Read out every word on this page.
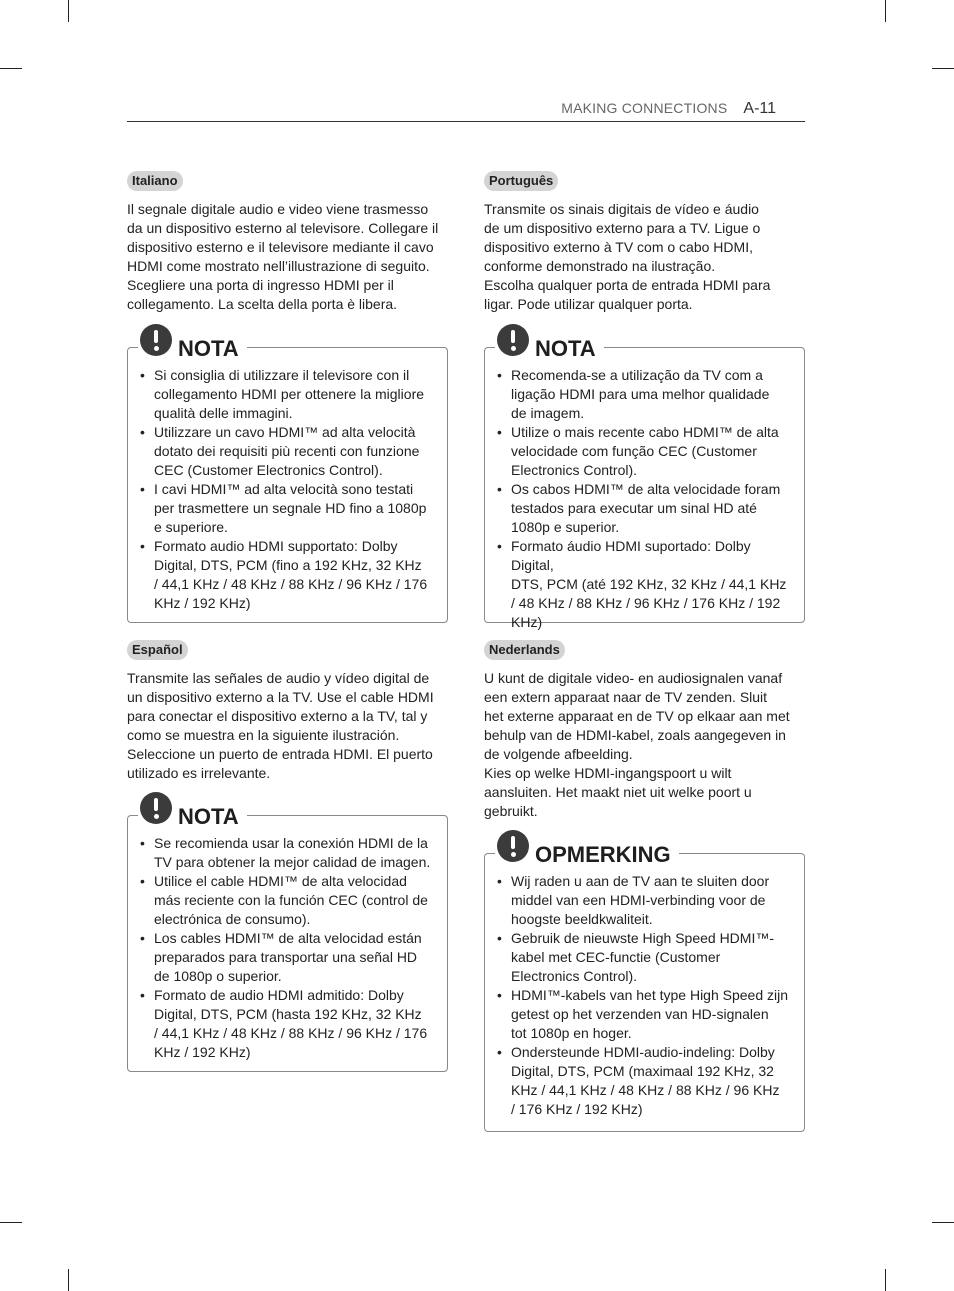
MAKING CONNECTIONS A-11
Italiano

Il segnale digitale audio e video viene trasmesso
da un dispositivo esterno al televisore. Collegare il
dispositivo esterno e il televisore mediante il cavo
HDMI come mostrato nell’illustrazione di seguito.
Scegliere una porta di ingresso HDMI per il
collegamento. La scelta della porta è libera.

NOTA
• Si consiglia di utilizzare il televisore con il
collegamento HDMI per ottenere la migliore
qualità delle immagini.
• Utilizzare un cavo HDMI™ ad alta velocità
dotato dei requisiti più recenti con funzione
CEC (Customer Electronics Control).
• I cavi HDMI™ ad alta velocità sono testati
per trasmettere un segnale HD fino a 1080p
e superiore.
• Formato audio HDMI supportato: Dolby
Digital, DTS, PCM (fino a 192 KHz, 32 KHz
/ 44,1 KHz / 48 KHz / 88 KHz / 96 KHz / 176
KHz / 192 KHz)
Español

Transmite las señales de audio y vídeo digital de
un dispositivo externo a la TV. Use el cable HDMI
para conectar el dispositivo externo a la TV, tal y
como se muestra en la siguiente ilustración.
Seleccione un puerto de entrada HDMI. El puerto
utilizado es irrelevante.

NOTA
• Se recomienda usar la conexión HDMI de la
TV para obtener la mejor calidad de imagen.
• Utilice el cable HDMI™ de alta velocidad
más reciente con la función CEC (control de
electrónica de consumo).
• Los cables HDMI™ de alta velocidad están
preparados para transportar una señal HD
de 1080p o superior.
• Formato de audio HDMI admitido: Dolby
Digital, DTS, PCM (hasta 192 KHz, 32 KHz
/ 44,1 KHz / 48 KHz / 88 KHz / 96 KHz / 176
KHz / 192 KHz)
Português

Transmite os sinais digitais de vídeo e áudio
de um dispositivo externo para a TV. Ligue o
dispositivo externo à TV com o cabo HDMI,
conforme demonstrado na ilustração.
Escolha qualquer porta de entrada HDMI para
ligar. Pode utilizar qualquer porta.

NOTA
• Recomenda-se a utilização da TV com a
ligação HDMI para uma melhor qualidade
de imagem.
• Utilize o mais recente cabo HDMI™ de alta
velocidade com função CEC (Customer
Electronics Control).
• Os cabos HDMI™ de alta velocidade foram
testados para executar um sinal HD até
1080p e superior.
• Formato áudio HDMI suportado: Dolby Digital,
DTS, PCM (até 192 KHz, 32 KHz / 44,1 KHz
/ 48 KHz / 88 KHz / 96 KHz / 176 KHz / 192
KHz)
Nederlands

U kunt de digitale video- en audiosignalen vanaf
een extern apparaat naar de TV zenden. Sluit
het externe apparaat en de TV op elkaar aan met
behulp van de HDMI-kabel, zoals aangegeven in
de volgende afbeelding.
Kies op welke HDMI-ingangspoort u wilt
aansluiten. Het maakt niet uit welke poort u
gebruikt.

OPMERKING
• Wij raden u aan de TV aan te sluiten door
middel van een HDMI-verbinding voor de
hoogste beeldkwaliteit.
• Gebruik de nieuwste High Speed HDMI™-
kabel met CEC-functie (Customer
Electronics Control).
• HDMI™-kabels van het type High Speed zijn
getest op het verzenden van HD-signalen
tot 1080p en hoger.
• Ondersteunde HDMI-audio-indeling: Dolby
Digital, DTS, PCM (maximaal 192 KHz, 32
KHz / 44,1 KHz / 48 KHz / 88 KHz / 96 KHz
/ 176 KHz / 192 KHz)
